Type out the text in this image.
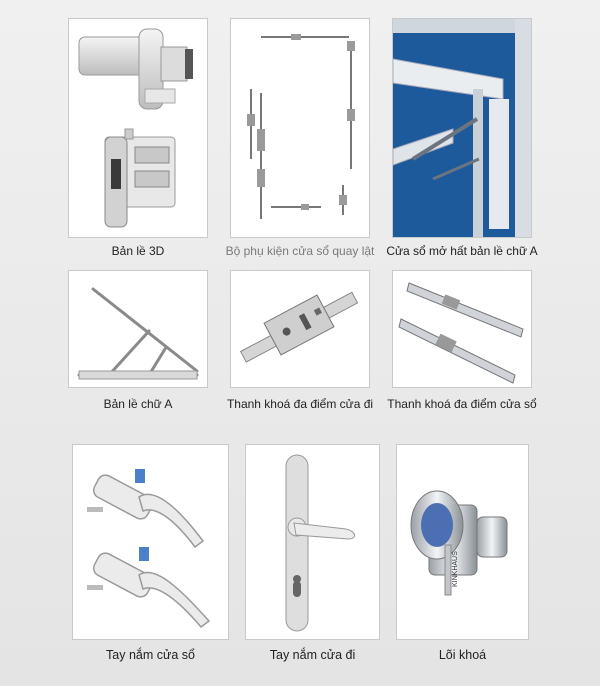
Bản lề 3D	Bộ phụ kiện cửa sổ quay lật Cửa sổ mở hất bản lề chữ A
Bản lề chữ A	Thanh khoá đa điểm cửa đi	Thanh khoá đa điểm cửa sổ
Tay nắm cửa sổ	Tay nắm cửa đi
KINKHAUS
Lõi khoá
